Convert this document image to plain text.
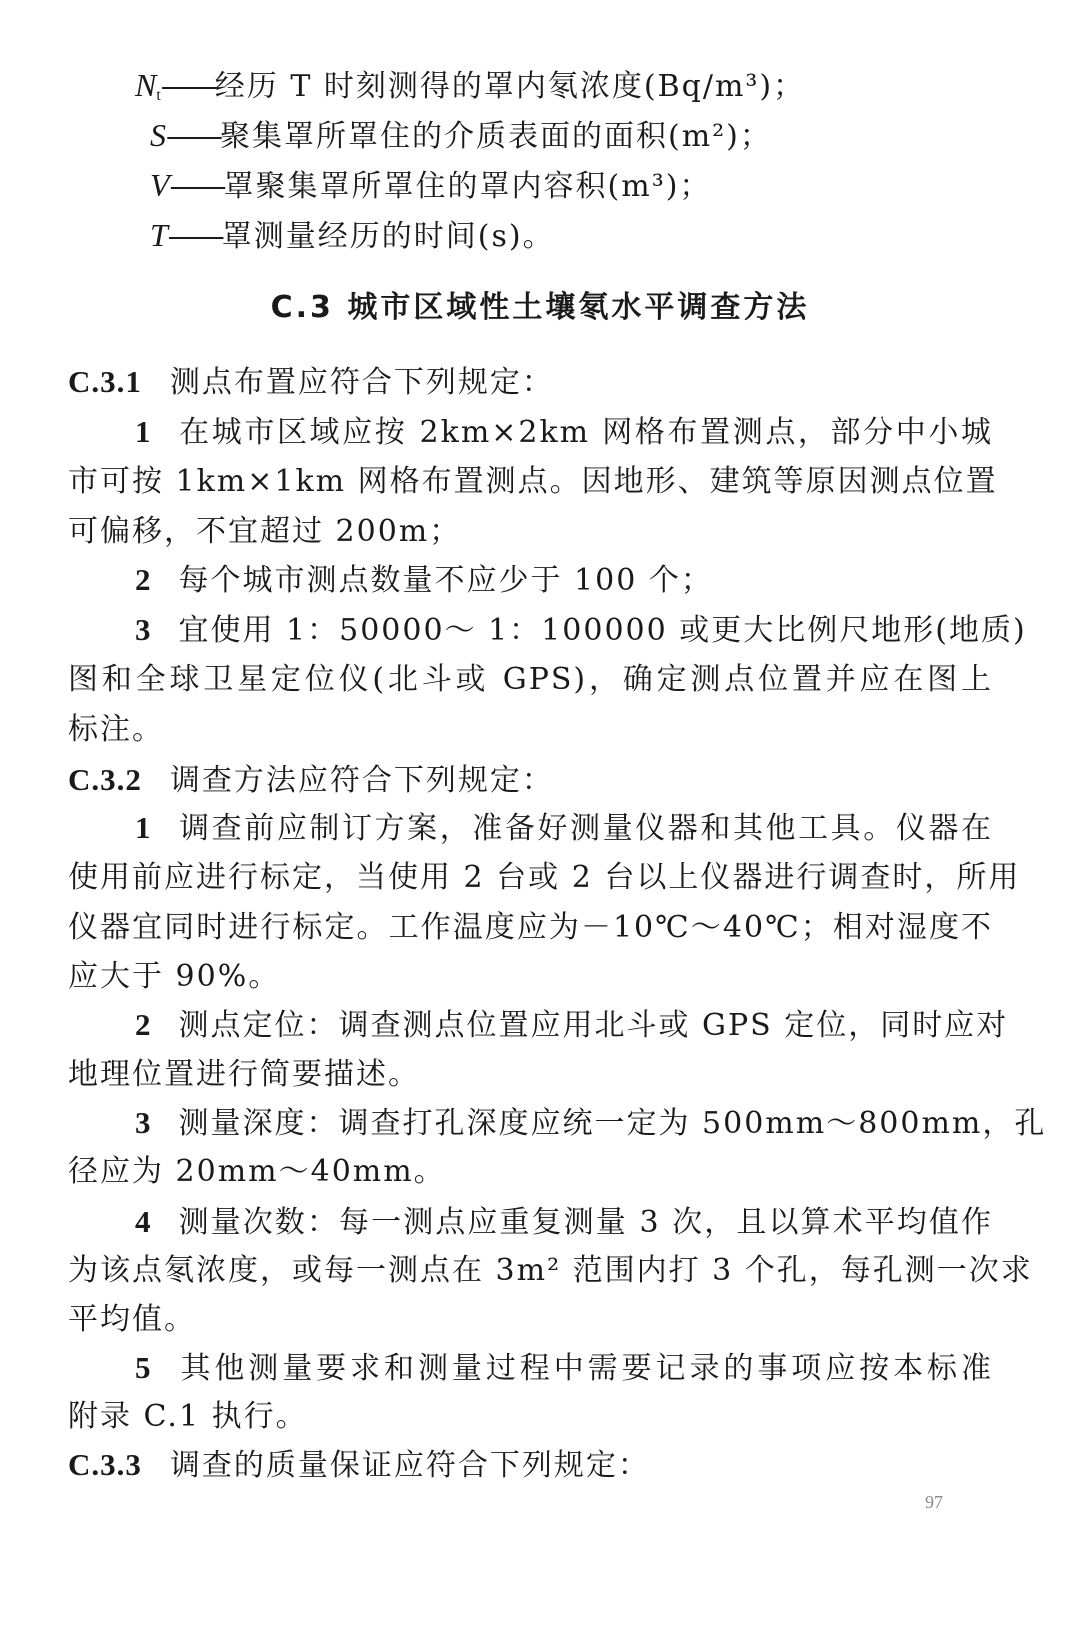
$N_t——$经历 T 时刻测得的罩内氡浓度(Bq/m³)；
S——聚集罩所罩住的介质表面的面积(m²)；
V——罩聚集罩所罩住的罩内容积(m³)；
T——罩测量经历的时间(s)。
C.3 城市区域性土壤氡水平调查方法
C.3.1 测点布置应符合下列规定：
1 在城市区域应按 2km×2km 网格布置测点，部分中小城
市可按 1km×1km 网格布置测点。因地形、建筑等原因测点位置
可偏移，不宜超过 200m；
2 每个城市测点数量不应少于 100 个；
3 宜使用 1：50000～ 1：100000 或更大比例尺地形(地质)
图和全球卫星定位仪(北斗或 GPS)，确定测点位置并应在图上
标注。
C.3.2 调查方法应符合下列规定：
1 调查前应制订方案，准备好测量仪器和其他工具。仪器在
使用前应进行标定，当使用 2 台或 2 台以上仪器进行调查时，所用
仪器宜同时进行标定。工作温度应为－10℃～40℃；相对湿度不
应大于 90%。
2 测点定位：调查测点位置应用北斗或 GPS 定位，同时应对
地理位置进行简要描述。
3 测量深度：调查打孔深度应统一定为 500mm～800mm，孔
径应为 20mm～40mm。
4 测量次数：每一测点应重复测量 3 次，且以算术平均值作
为该点氡浓度，或每一测点在 3m² 范围内打 3 个孔，每孔测一次求
平均值。
5 其他测量要求和测量过程中需要记录的事项应按本标准
附录 C.1 执行。
C.3.3 调查的质量保证应符合下列规定：
97
